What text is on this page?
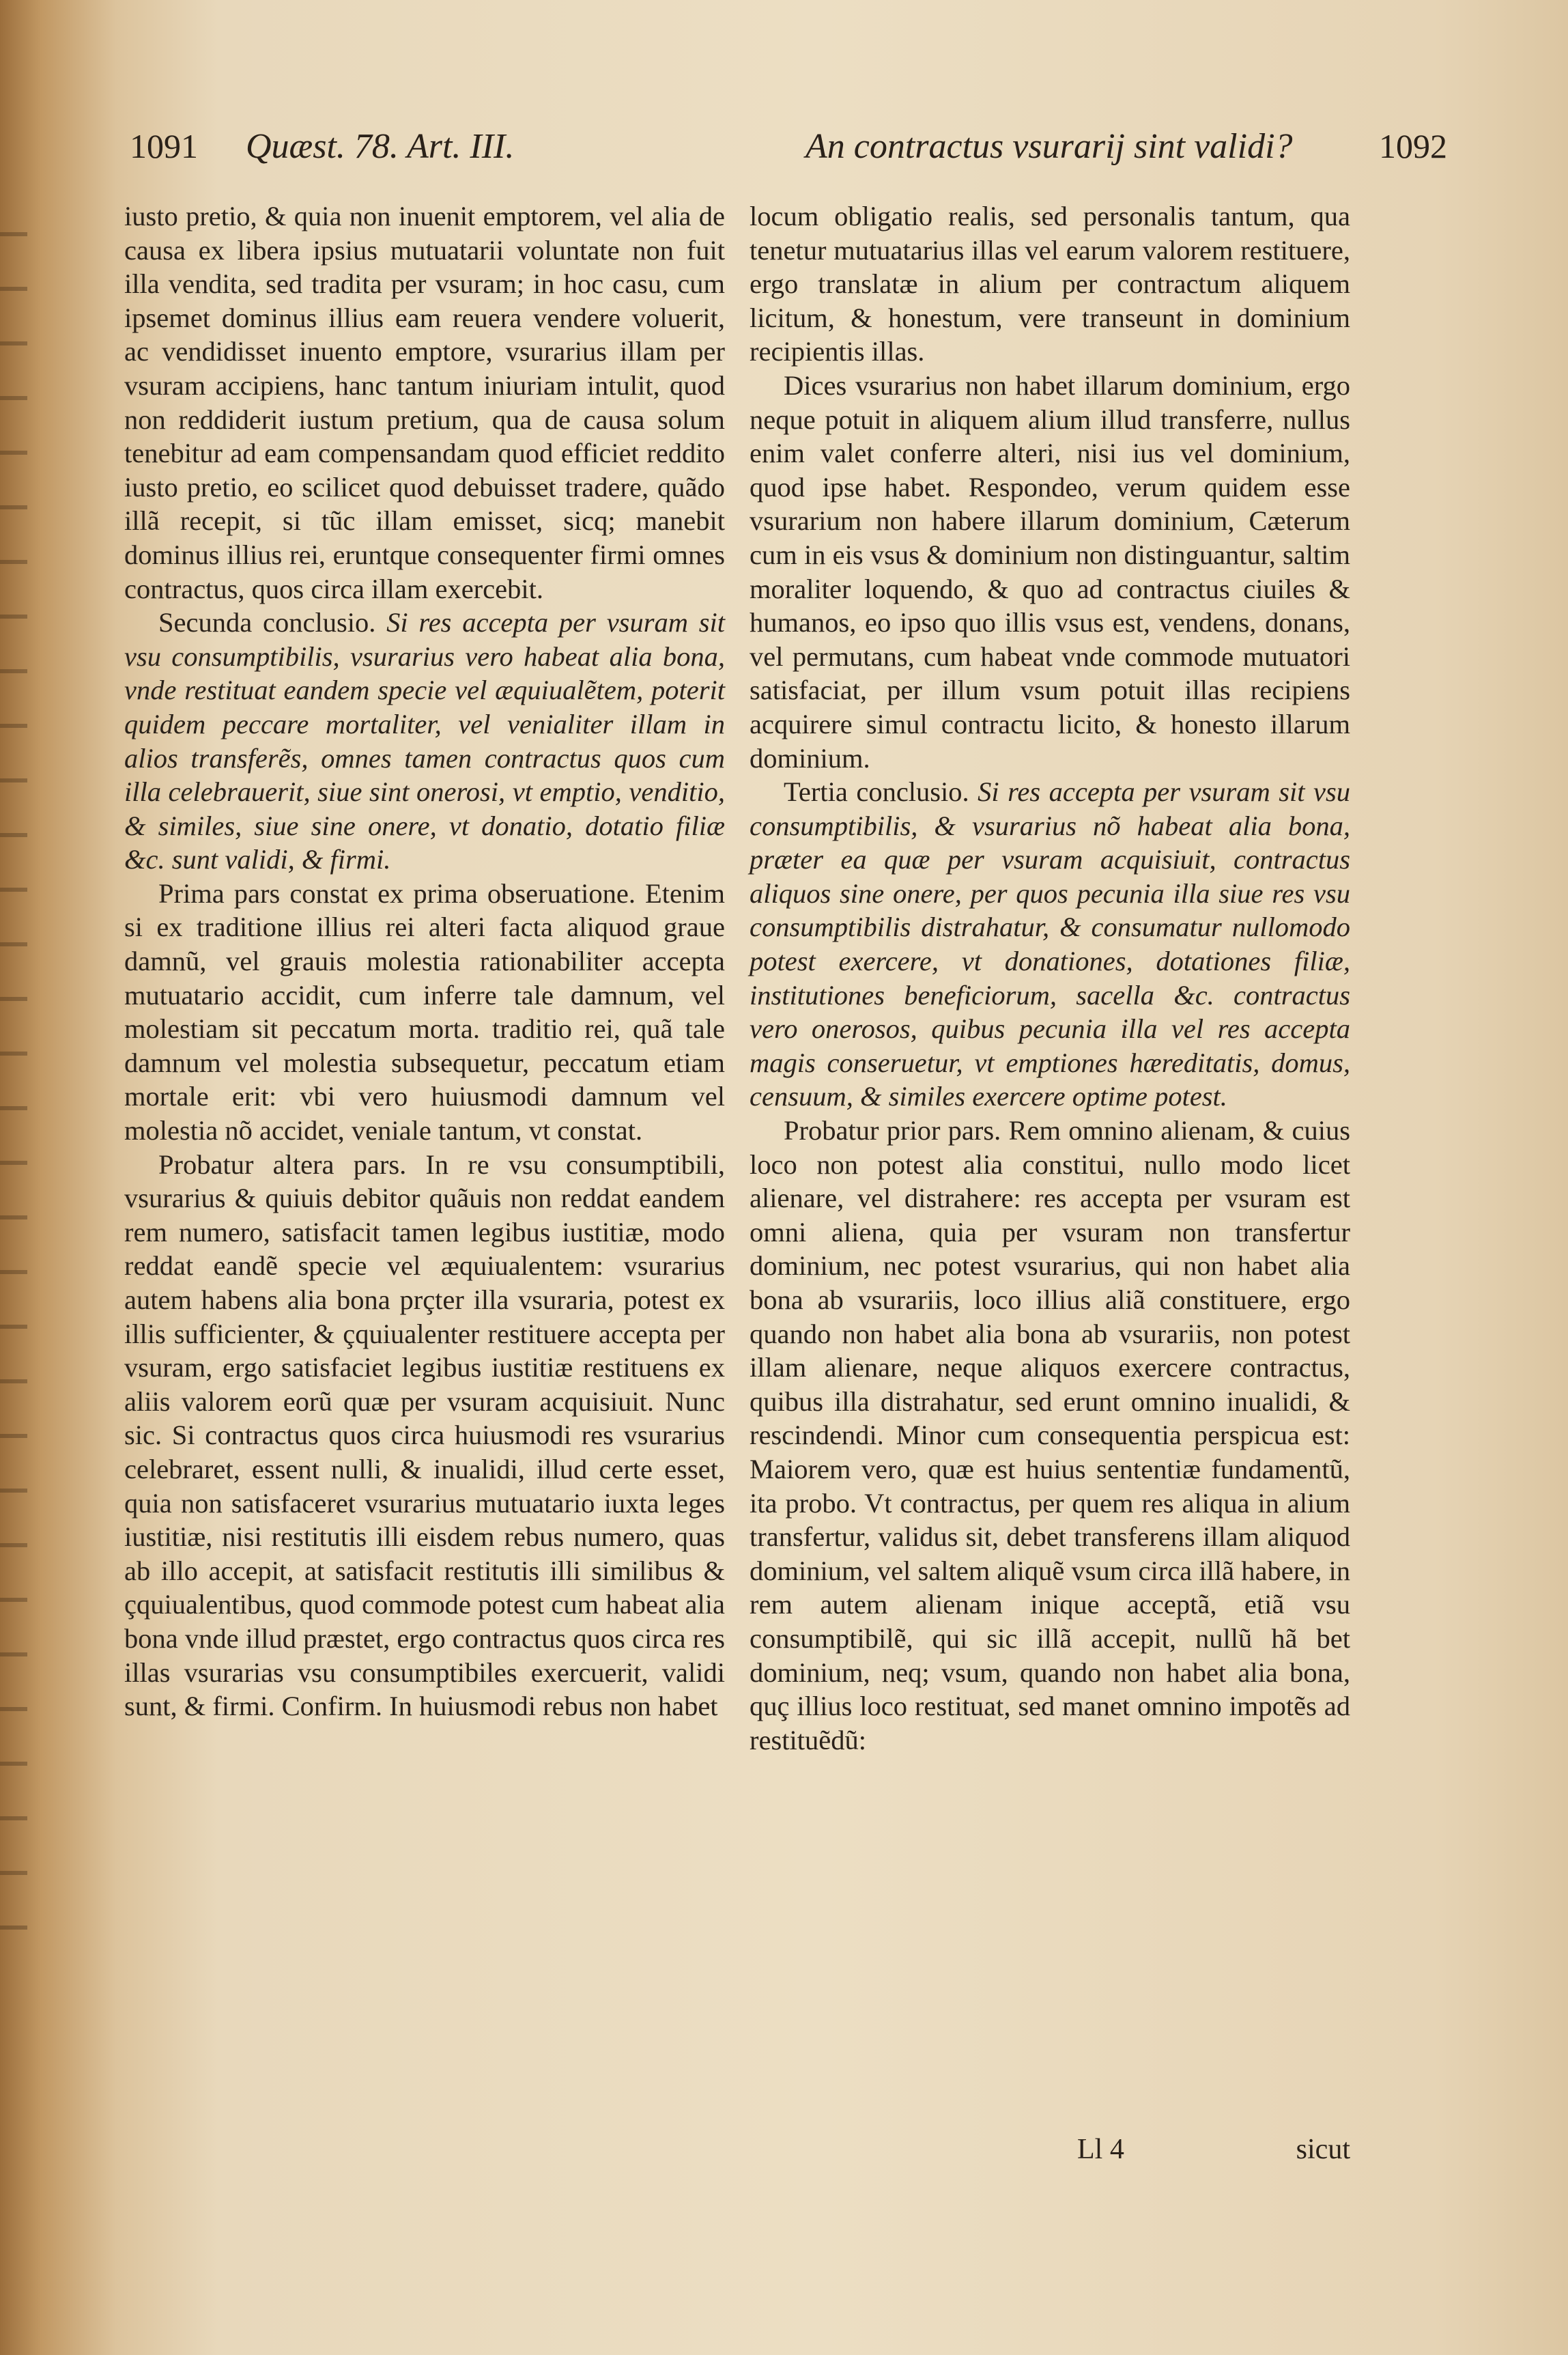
1091 Quæst. 78. Art. III.	An contractus vsurarij sint validi?	1092

iusto pretio, & quia non inuenit emptorem, vel alia de causa ex libera ipsius mutuatarii voluntate non fuit illa vendita, sed tradita per vsuram; in hoc casu, cum ipsemet dominus illius eam reuera vendere voluerit, ac vendidisset inuento emptore, vsurarius illam per vsuram accipiens, hanc tantum iniuriam intulit, quod non reddiderit iustum pretium, qua de causa solum tenebitur ad eam compensandam quod efficiet reddito iusto pretio, eo scilicet quod debuisset tradere, quãdo illã recepit, si tũc illam emisset, sicq; manebit dominus illius rei, eruntque consequenter firmi omnes contractus, quos circa illam exercebit.

Secunda conclusio. Si res accepta per vsuram sit vsu consumptibilis, vsurarius vero habeat alia bona, vnde restituat eandem specie vel æquiualẽtem, poterit quidem peccare mortaliter, vel venialiter illam in alios transferẽs, omnes tamen contractus quos cum illa celebrauerit, siue sint onerosi, vt emptio, venditio, & similes, siue sine onere, vt donatio, dotatio filiæ &c. sunt validi, & firmi.

Prima pars constat ex prima obseruatione. Etenim si ex traditione illius rei alteri facta aliquod graue damnũ, vel grauis molestia rationabiliter accepta mutuatario accidit, cum inferre tale damnum, vel molestiam sit peccatum morta. traditio rei, quã tale damnum vel molestia subsequetur, peccatum etiam mortale erit: vbi vero huiusmodi damnum vel molestia nõ accidet, veniale tantum, vt constat.

Probatur altera pars. In re vsu consumptibili, vsurarius & quiuis debitor quãuis non reddat eandem rem numero, satisfacit tamen legibus iustitiæ, modo reddat eandẽ specie vel æquiualentem: vsurarius autem habens alia bona prçter illa vsuraria, potest ex illis sufficienter, & çquiualenter restituere accepta per vsuram, ergo satisfaciet legibus iustitiæ restituens ex aliis valorem eorũ quæ per vsuram acquisiuit. Nunc sic. Si contractus quos circa huiusmodi res vsurarius celebraret, essent nulli, & inualidi, illud certe esset, quia non satisfaceret vsurarius mutuatario iuxta leges iustitiæ, nisi restitutis illi eisdem rebus numero, quas ab illo accepit, at satisfacit restitutis illi similibus & çquiualentibus, quod commode potest cum habeat alia bona vnde illud præstet, ergo contractus quos circa res illas vsurarias vsu consumptibiles exercuerit, validi sunt, & firmi. Confirm. In huiusmodi rebus non habet

locum obligatio realis, sed personalis tantum, qua tenetur mutuatarius illas vel earum valorem restituere, ergo translatæ in alium per contractum aliquem licitum, & honestum, vere transeunt in dominium recipientis illas.

Dices vsurarius non habet illarum dominium, ergo neque potuit in aliquem alium illud transferre, nullus enim valet conferre alteri, nisi ius vel dominium, quod ipse habet. Respondeo, verum quidem esse vsurarium non habere illarum dominium, Cæterum cum in eis vsus & dominium non distinguantur, saltim moraliter loquendo, & quo ad contractus ciuiles & humanos, eo ipso quo illis vsus est, vendens, donans, vel permutans, cum habeat vnde commode mutuatori satisfaciat, per illum vsum potuit illas recipiens acquirere simul contractu licito, & honesto illarum dominium.

Tertia conclusio. Si res accepta per vsuram sit vsu consumptibilis, & vsurarius nõ habeat alia bona, præter ea quæ per vsuram acquisiuit, contractus aliquos sine onere, per quos pecunia illa siue res vsu consumptibilis distrahatur, & consumatur nullomodo potest exercere, vt donationes, dotationes filiæ, institutiones beneficiorum, sacella &c. contractus vero onerosos, quibus pecunia illa vel res accepta magis conseruetur, vt emptiones hæreditatis, domus, censuum, & similes exercere optime potest.

Probatur prior pars. Rem omnino alienam, & cuius loco non potest alia constitui, nullo modo licet alienare, vel distrahere: res accepta per vsuram est omni aliena, quia per vsuram non transfertur dominium, nec potest vsurarius, qui non habet alia bona ab vsurariis, loco illius aliã constituere, ergo quando non habet alia bona ab vsurariis, non potest illam alienare, neque aliquos exercere contractus, quibus illa distrahatur, sed erunt omnino inualidi, & rescindendi. Minor cum consequentia perspicua est: Maiorem vero, quæ est huius sententiæ fundamentũ, ita probo. Vt contractus, per quem res aliqua in alium transfertur, validus sit, debet transferens illam aliquod dominium, vel saltem aliquẽ vsum circa illã habere, in rem autem alienam inique acceptã, etiã vsu consumptibilẽ, qui sic illã accepit, nullũ hã bet dominium, neq; vsum, quando non habet alia bona, quç illius loco restituat, sed manet omnino impotẽs ad restituẽdũ:

Ll 4	sicut
